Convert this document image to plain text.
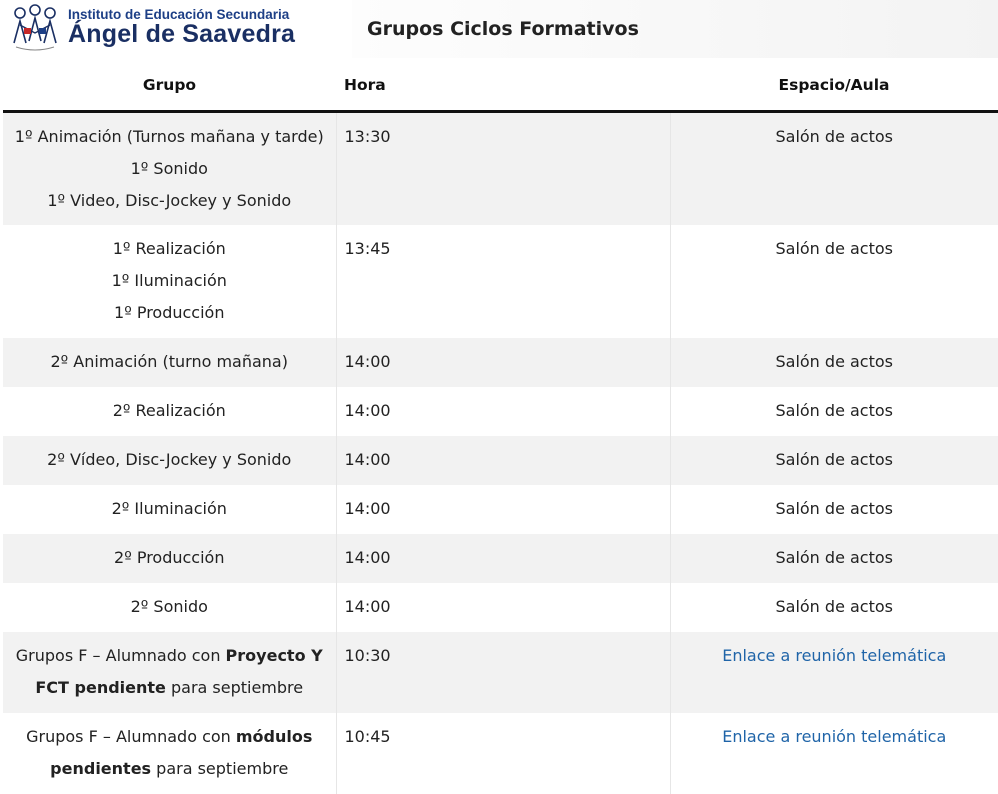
Instituto de Educación Secundaria
Ángel de Saavedra	Grupos Ciclos Formativos
Grupo	Hora	Espacio/Aula

1º Animación (Turnos mañana y tarde)
1º Sonido
1º Video, Disc-Jockey y Sonido	13:30	Salón de actos

1º Realización
1º Iluminación
1º Producción	13:45	Salón de actos

2º Animación (turno mañana)	14:00	Salón de actos

2º Realización	14:00	Salón de actos

2º Vídeo, Disc-Jockey y Sonido	14:00	Salón de actos

2º Iluminación	14:00	Salón de actos

2º Producción	14:00	Salón de actos

2º Sonido	14:00	Salón de actos
Grupos F – Alumnado con Proyecto Y FCT pendiente para septiembre	10:30	Enlace a reunión telemática
Grupos F – Alumnado con módulos pendientes para septiembre	10:45	Enlace a reunión telemática
